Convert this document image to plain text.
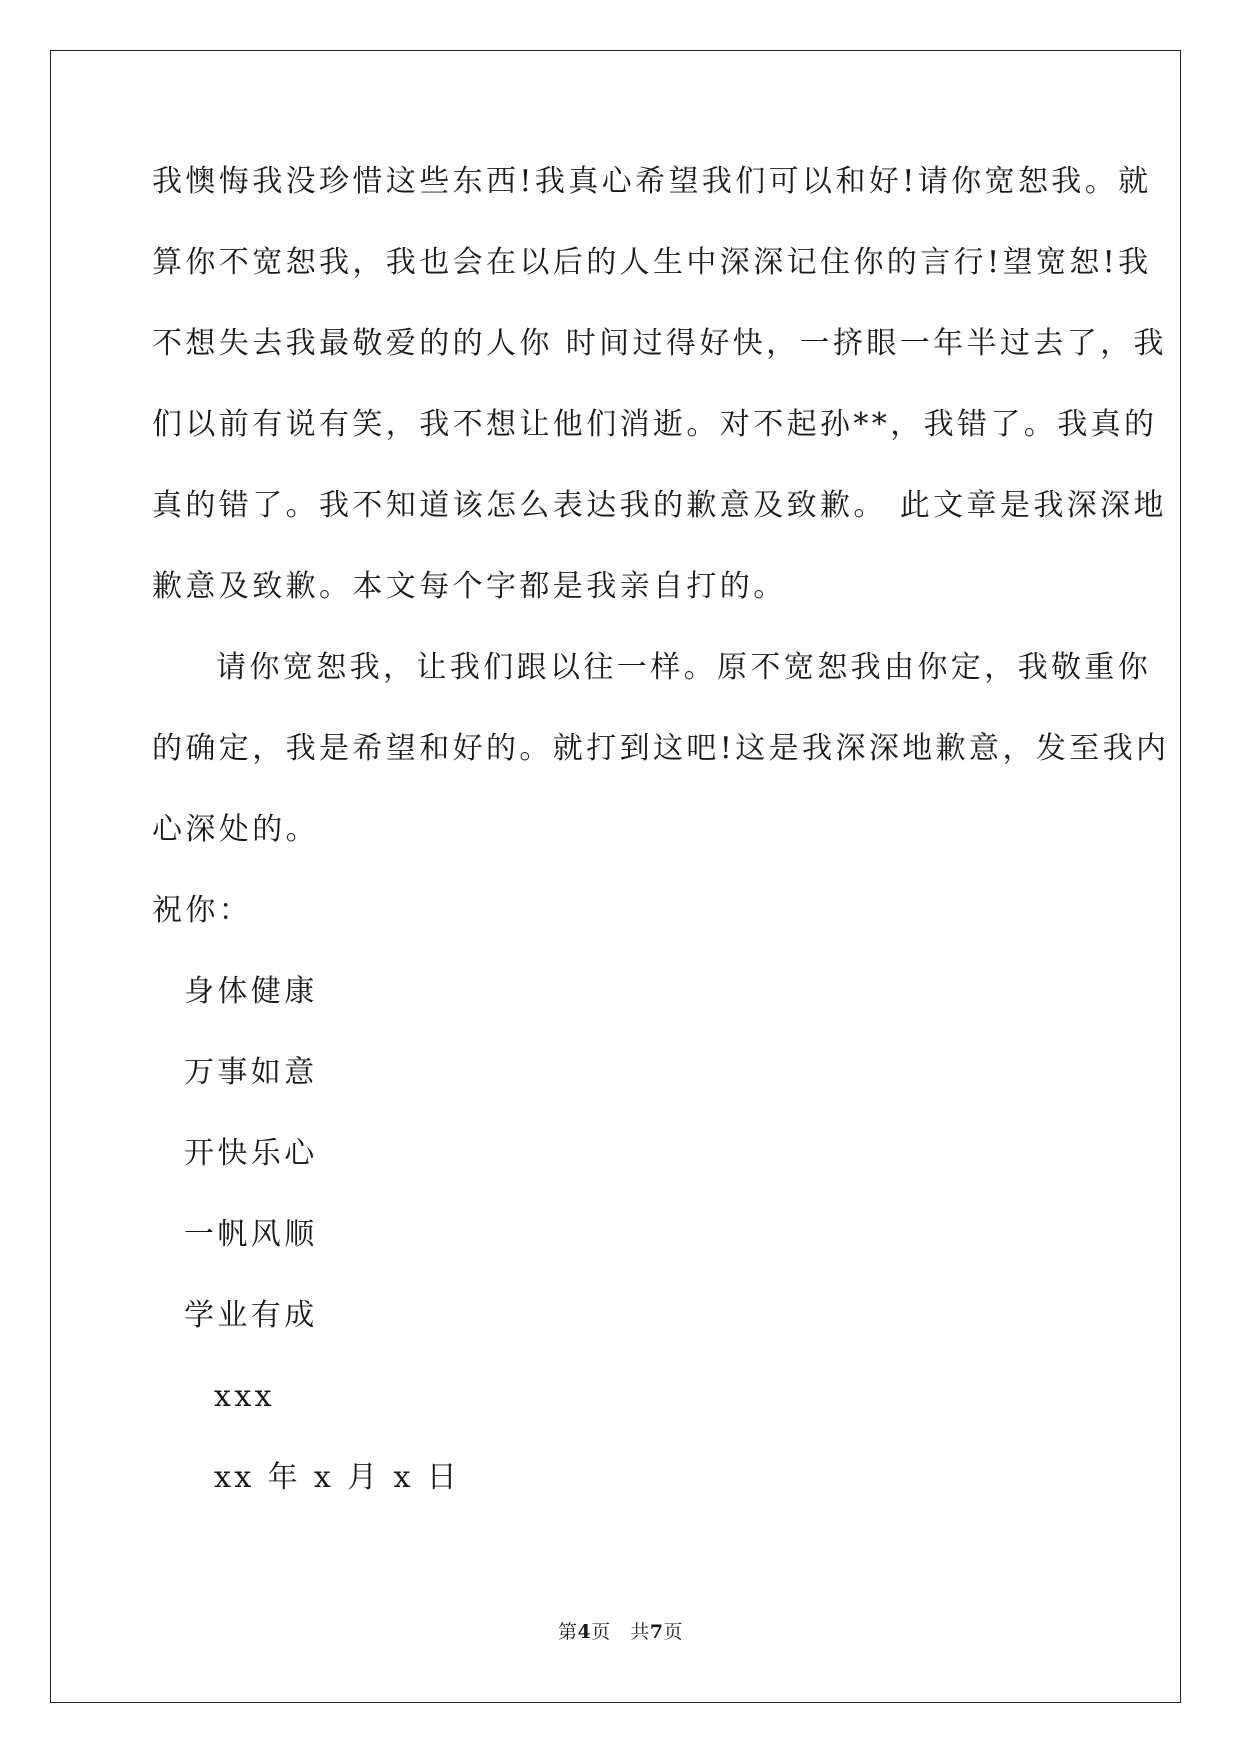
我懊悔我没珍惜这些东西!我真心希望我们可以和好!请你宽恕我。就
算你不宽恕我，我也会在以后的人生中深深记住你的言行!望宽恕!我
不想失去我最敬爱的的人你 时间过得好快，一挤眼一年半过去了，我
们以前有说有笑，我不想让他们消逝。对不起孙**，我错了。我真的
真的错了。我不知道该怎么表达我的歉意及致歉。 此文章是我深深地
歉意及致歉。本文每个字都是我亲自打的。
请你宽恕我，让我们跟以往一样。原不宽恕我由你定，我敬重你
的确定，我是希望和好的。就打到这吧!这是我深深地歉意，发至我内
心深处的。
祝你：
身体健康
万事如意
开快乐心
一帆风顺
学业有成
xxx
xx 年 x 月 x 日
第4页　共7页
